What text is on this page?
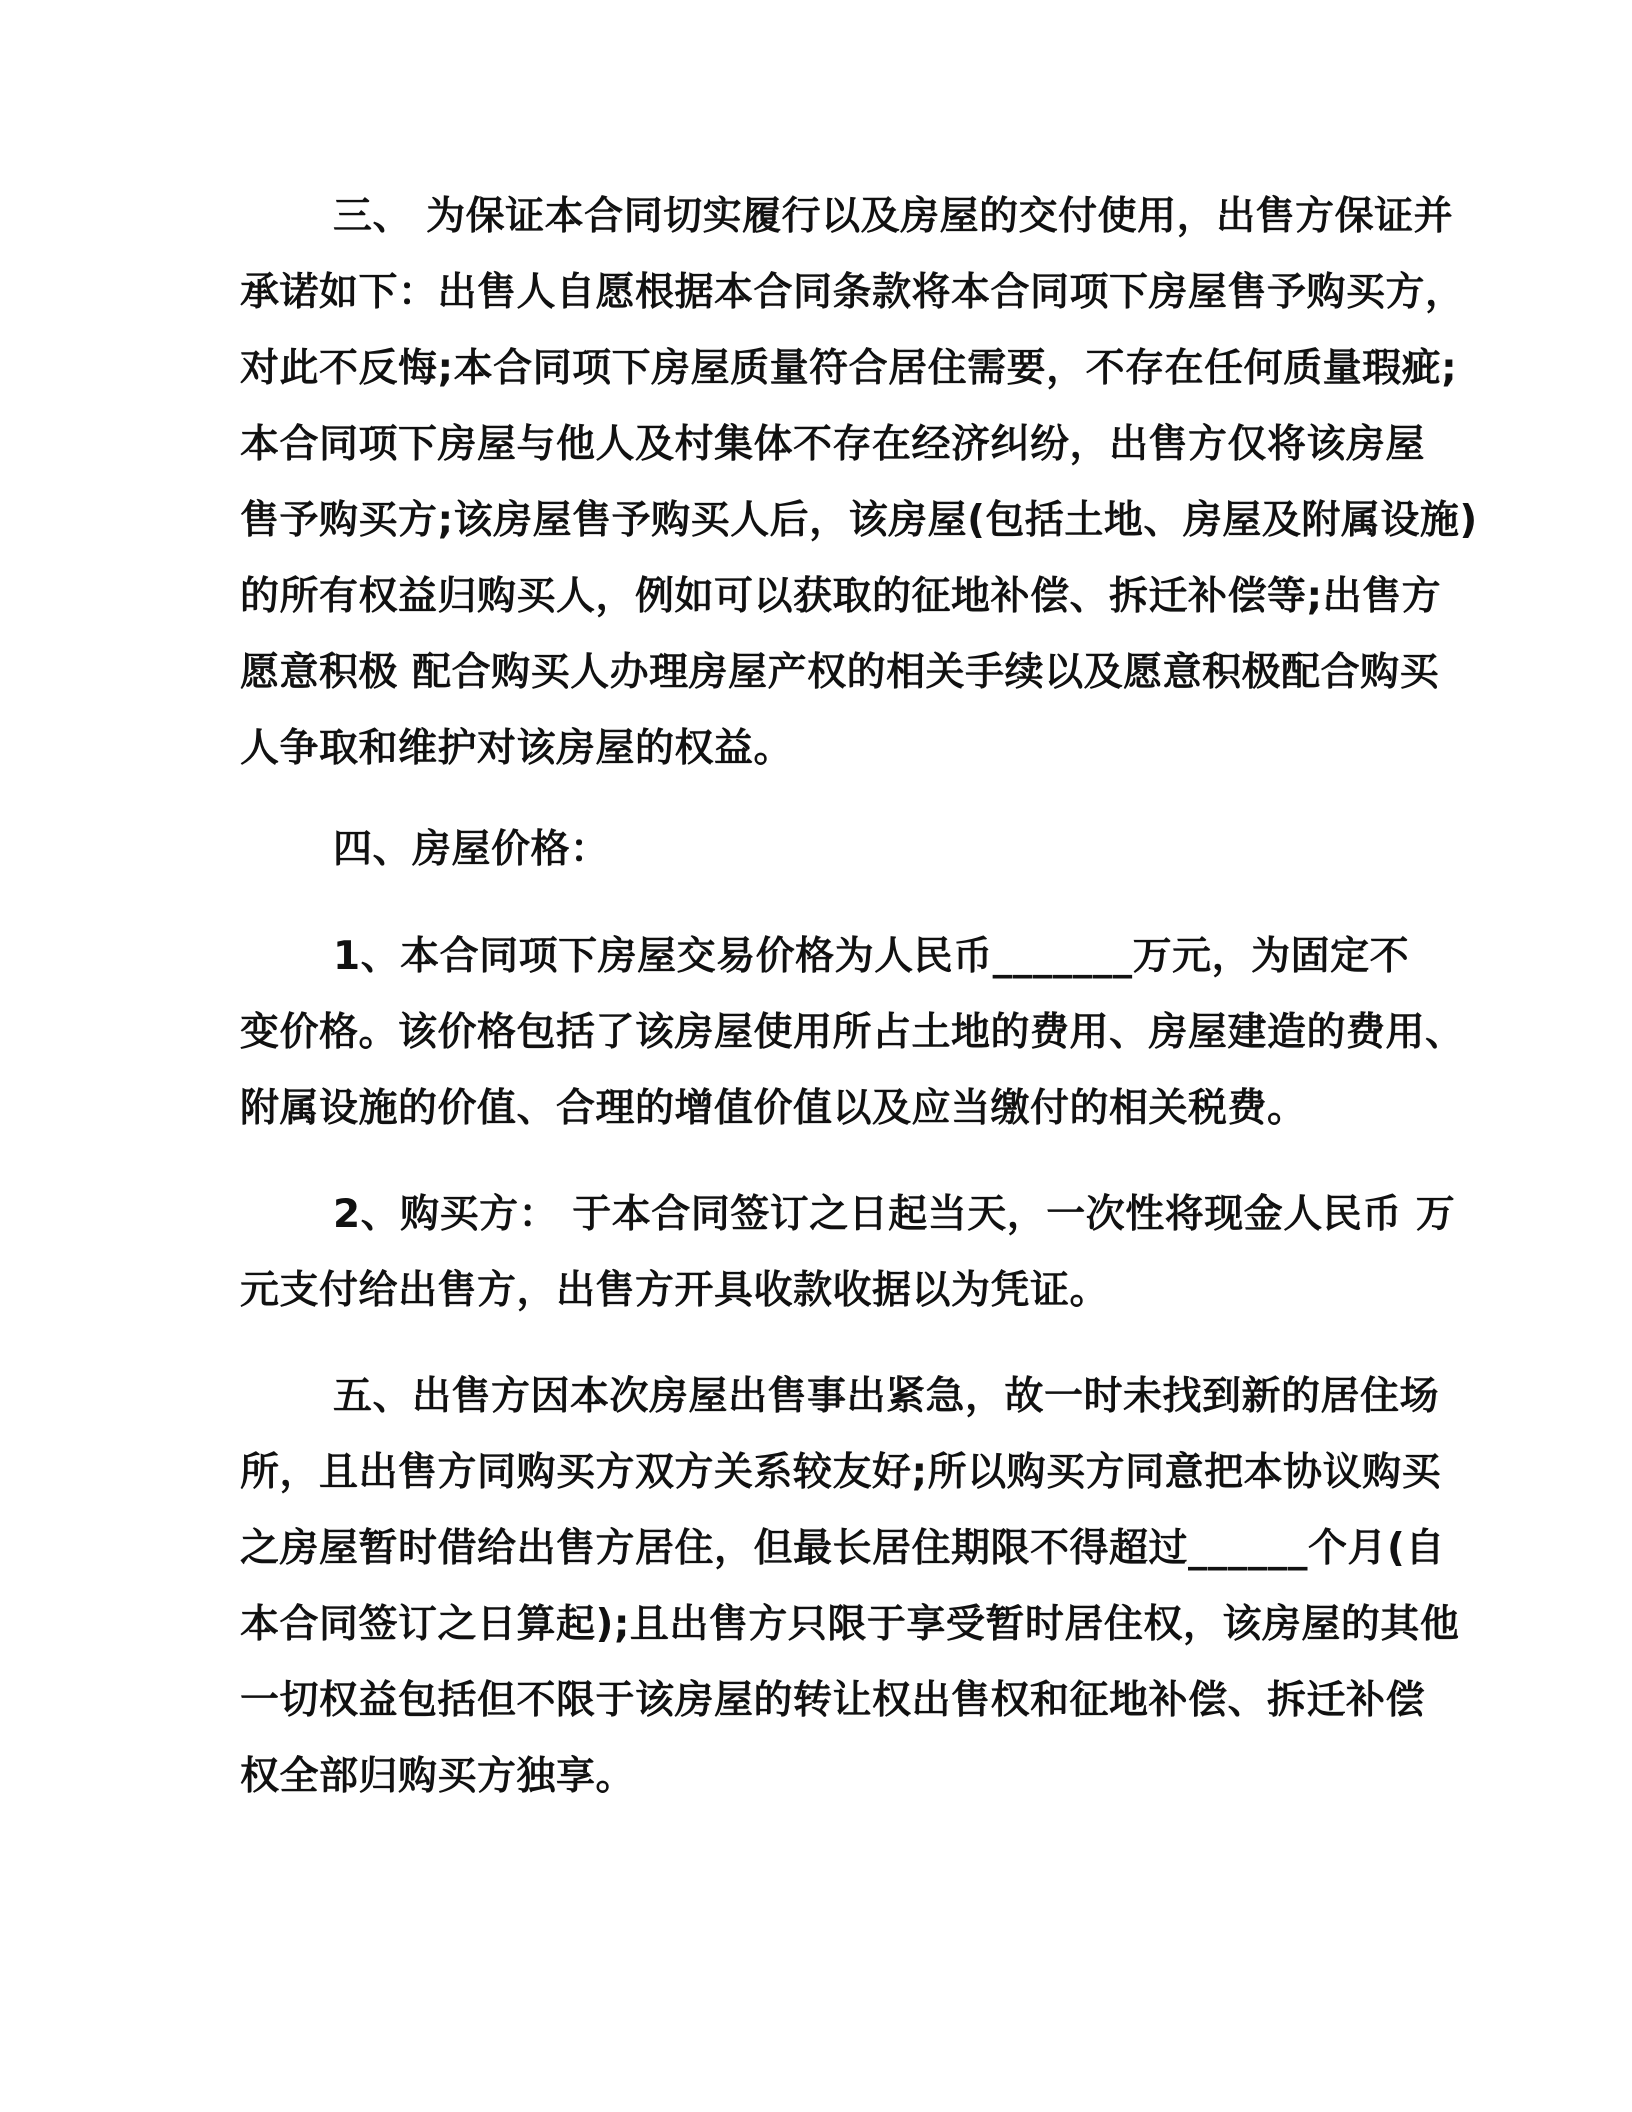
三、 为保证本合同切实履行以及房屋的交付使用，出售方保证并
承诺如下：出售人自愿根据本合同条款将本合同项下房屋售予购买方，
对此不反悔;本合同项下房屋质量符合居住需要，不存在任何质量瑕疵;
本合同项下房屋与他人及村集体不存在经济纠纷，出售方仅将该房屋
售予购买方;该房屋售予购买人后，该房屋(包括土地、房屋及附属设施)
的所有权益归购买人，例如可以获取的征地补偿、拆迁补偿等;出售方
愿意积极 配合购买人办理房屋产权的相关手续以及愿意积极配合购买
人争取和维护对该房屋的权益。
四、房屋价格：
1、本合同项下房屋交易价格为人民币_______万元，为固定不
变价格。该价格包括了该房屋使用所占土地的费用、房屋建造的费用、
附属设施的价值、合理的增值价值以及应当缴付的相关税费。
2、购买方： 于本合同签订之日起当天，一次性将现金人民币 万
元支付给出售方，出售方开具收款收据以为凭证。
五、出售方因本次房屋出售事出紧急，故一时未找到新的居住场
所，且出售方同购买方双方关系较友好;所以购买方同意把本协议购买
之房屋暂时借给出售方居住，但最长居住期限不得超过______个月(自
本合同签订之日算起);且出售方只限于享受暂时居住权，该房屋的其他
一切权益包括但不限于该房屋的转让权出售权和征地补偿、拆迁补偿
权全部归购买方独享。
